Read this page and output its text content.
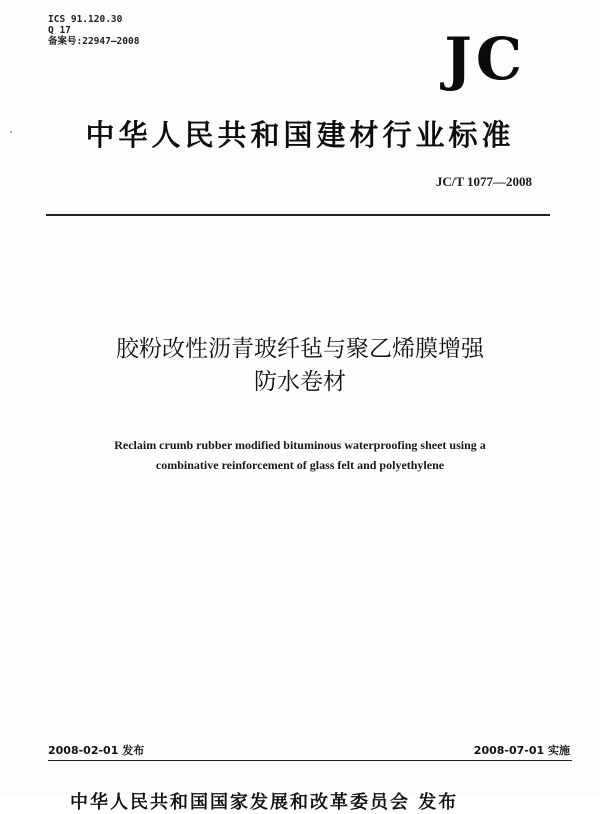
ICS 91.120.30
Q 17
备案号:22947—2008	JC
中华人民共和国建材行业标准
JC/T 1077—2008
胶粉改性沥青玻纤毡与聚乙烯膜增强
防水卷材
Reclaim crumb rubber modified bituminous waterproofing sheet using a
combinative reinforcement of glass felt and polyethylene
2008-02-01 发布	2008-07-01 实施
中华人民共和国国家发展和改革委员会 发布
